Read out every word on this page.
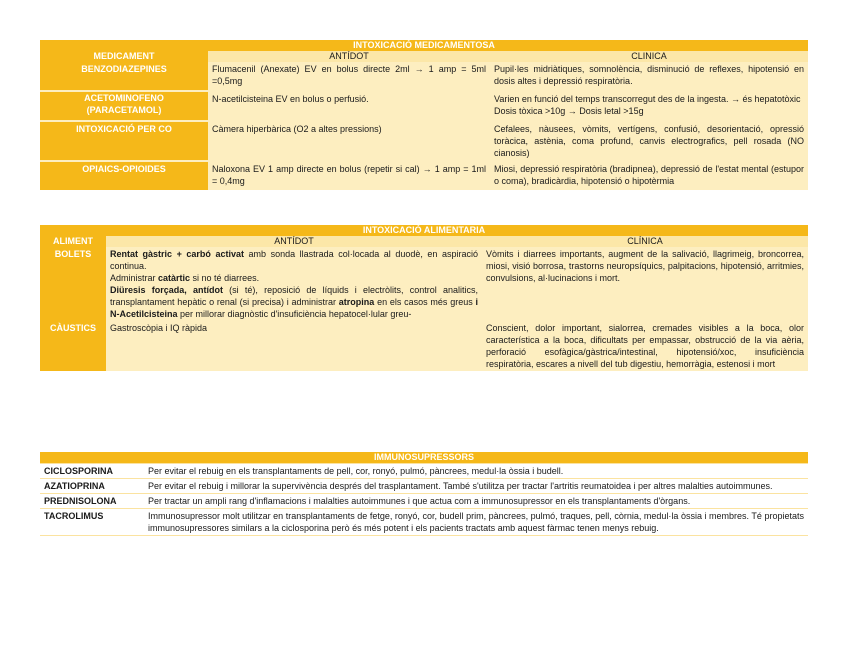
INTOXICACIÓ MEDICAMENTOSA		
MEDICAMENT	ANTÍDOT	CLINICA
BENZODIAZEPINES	Flumacenil (Anexate) EV en bolus directe 2ml → 1 amp = 5ml =0,5mg	Pupil·les midriàtiques, somnolència, disminució de reflexes, hipotensió en dosis altes i depressió respiratòria.

ACETOMINOFENO (PARACETAMOL)	N-acetilcisteina EV en bolus o perfusió.	Varien en funció del temps transcorregut des de la ingesta. → és hepatotòxic
Dosis tòxica >10g → Dosis letal >15g

INTOXICACIÓ PER CO	Càmera hiperbàrica (O2 a altes pressions)	Cefalees, nàusees, vòmits, vertígens, confusió, desorientació, opressió toràcica, astènia, coma profund, canvis electrografics, pell rosada (NO cianosis)

OPIAICS-OPIOIDES	Naloxona EV 1 amp directe en bolus (repetir si cal) → 1 amp = 1ml = 0,4mg	Miosi, depressió respiratòria (bradipnea), depressió de l'estat mental (estupor o coma), bradicàrdia, hipotensió o hipotèrmia
INTOXICACIÓ ALIMENTARIA		
ALIMENT	ANTÍDOT	CLÍNICA
BOLETS	Rentat gàstric + carbó activat amb sonda llastrada col·locada al duodè, en aspiració continua.
Administrar catàrtic si no té diarrees.
Diüresis forçada, antídot (si té), reposició de líquids i electròlits, control analitics, transplantament hepàtic o renal (si precisa) i administrar atropina en els casos més greus i N-Acetilcisteina per millorar diagnòstic d'insuficiència hepatocel·lular greu-	Vòmits i diarrees importants, augment de la salivació, llagrimeig, broncorrea, miosi, visió borrosa, trastorns neuropsíquics, palpitacions, hipotensió, arritmies, convulsions, al·lucinacions i mort.
CÀUSTICS	Gastroscòpia i IQ ràpida	Conscient, dolor important, sialorrea, cremades visibles a la boca, olor característica a la boca, dificultats per empassar, obstrucció de la via aèria, perforació esofàgica/gàstrica/intestinal, hipotensió/xoc, insuficiència respiratòria, escares a nivell del tub digestiu, hemorràgia, estenosi i mort
IMMUNOSUPRESSORS	
CICLOSPORINA	Per evitar el rebuig en els transplantaments de pell, cor, ronyó, pulmó, pàncrees, medul·la òssia i budell.
AZATIOPRINA	Per evitar el rebuig i millorar la supervivència després del trasplantament. També s'utilitza per tractar l'artritis reumatoidea i per altres malalties autoimmunes.
PREDNISOLONA	Per tractar un ampli rang d'inflamacions i malalties autoimmunes i que actua com a immunosupressor en els transplantaments d'òrgans.
TACROLIMUS	Immunosupressor molt utilitzar en transplantaments de fetge, ronyó, cor, budell prim, pàncrees, pulmó, traques, pell, còrnia, medul·la òssia i membres. Té propietats immunosupressores similars a la ciclosporina però és més potent i els pacients tractats amb aquest fàrmac tenen menys rebuig.
